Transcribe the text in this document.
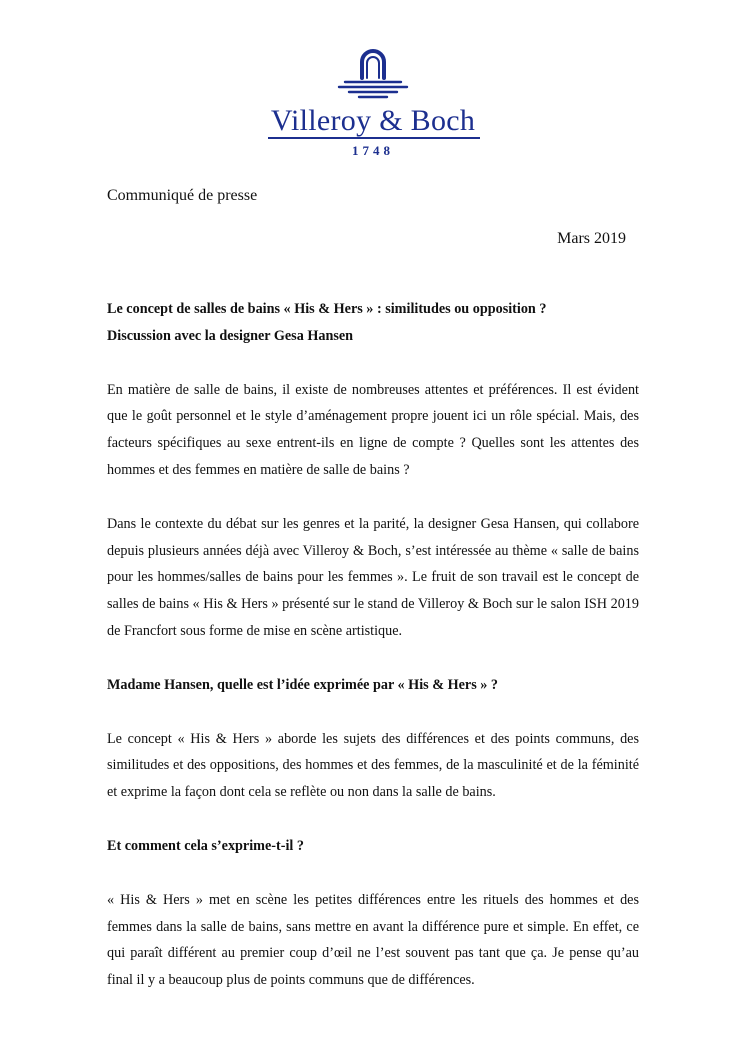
Villeroy & Boch
1748
Communiqué de presse
Mars 2019

Le concept de salles de bains « His & Hers » : similitudes ou opposition ?

Discussion avec la designer Gesa Hansen

En matière de salle de bains, il existe de nombreuses attentes et préférences. Il est évident que le goût personnel et le style d’aménagement propre jouent ici un rôle spécial. Mais, des facteurs spécifiques au sexe entrent-ils en ligne de compte ? Quelles sont les attentes des hommes et des femmes en matière de salle de bains ?

Dans le contexte du débat sur les genres et la parité, la designer Gesa Hansen, qui collabore depuis plusieurs années déjà avec Villeroy & Boch, s’est intéressée au thème « salle de bains pour les hommes/salles de bains pour les femmes ». Le fruit de son travail est le concept de salles de bains « His & Hers » présenté sur le stand de Villeroy & Boch sur le salon ISH 2019 de Francfort sous forme de mise en scène artistique.

Madame Hansen, quelle est l’idée exprimée par « His & Hers » ?

Le concept « His & Hers » aborde les sujets des différences et des points communs, des similitudes et des oppositions, des hommes et des femmes, de la masculinité et de la féminité et exprime la façon dont cela se reflète ou non dans la salle de bains.

Et comment cela s’exprime-t-il ?

« His & Hers » met en scène les petites différences entre les rituels des hommes et des femmes dans la salle de bains, sans mettre en avant la différence pure et simple. En effet, ce qui paraît différent au premier coup d’œil ne l’est souvent pas tant que ça. Je pense qu’au final il y a beaucoup plus de points communs que de différences.
